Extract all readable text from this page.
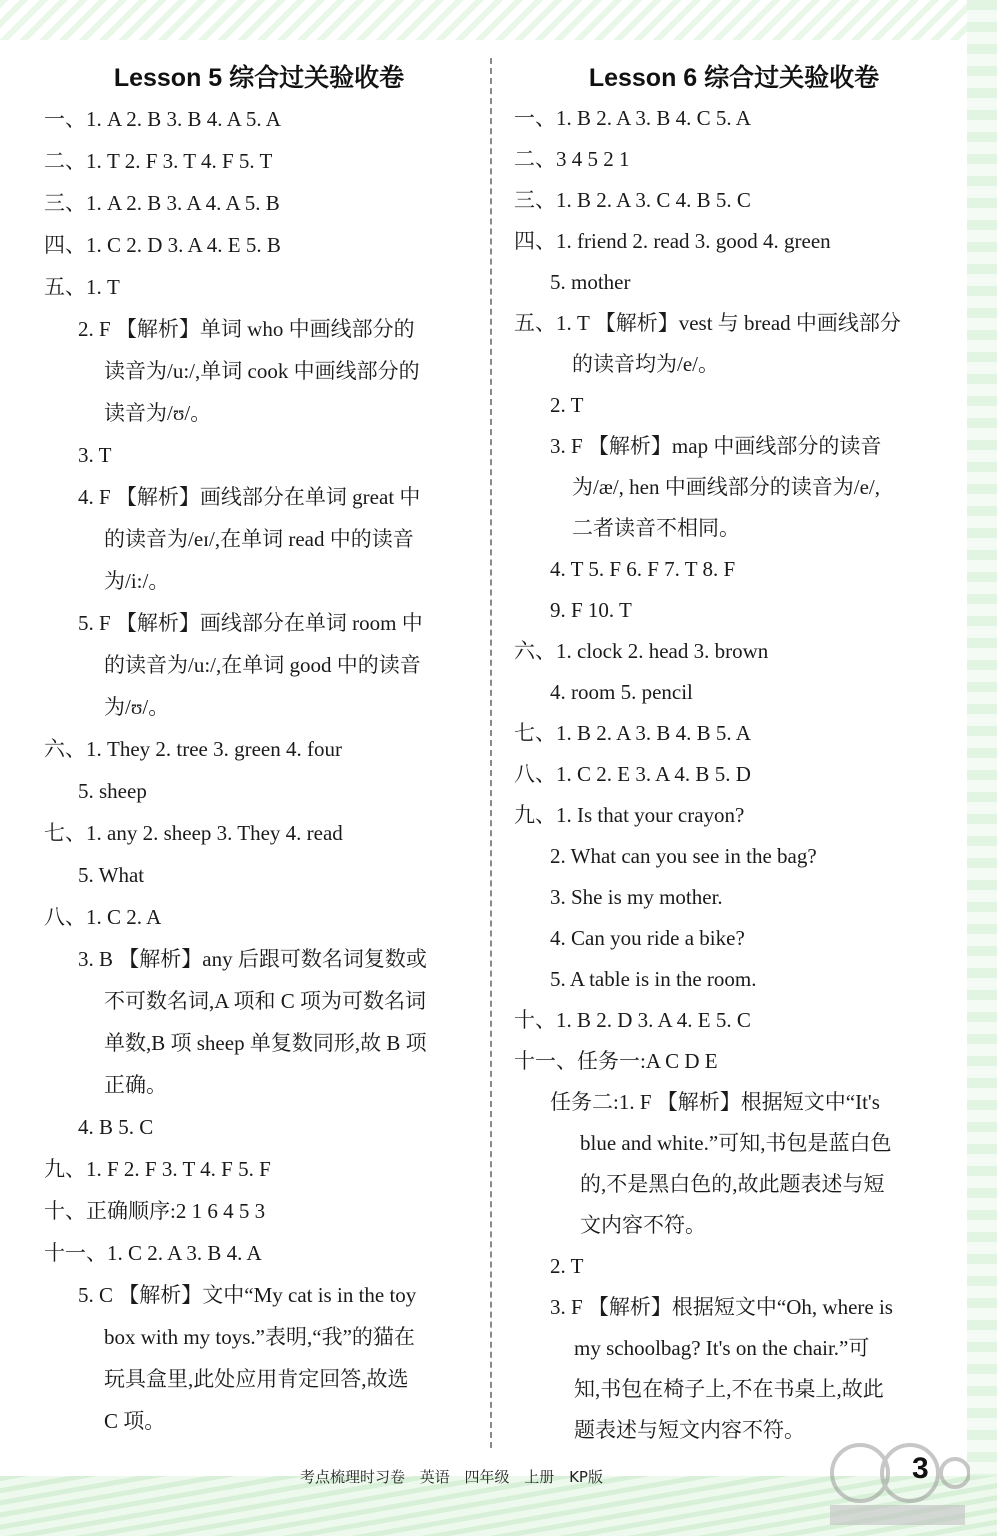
Lesson 5 综合过关验收卷
一、1. A 2. B 3. B 4. A 5. A
二、1. T 2. F 3. T 4. F 5. T
三、1. A 2. B 3. A 4. A 5. B
四、1. C 2. D 3. A 4. E 5. B
五、1. T
2. F 【解析】单词 who 中画线部分的
读音为/u:/,单词 cook 中画线部分的
读音为/ʊ/。
3. T
4. F 【解析】画线部分在单词 great 中
的读音为/eɪ/,在单词 read 中的读音
为/i:/。
5. F 【解析】画线部分在单词 room 中
的读音为/u:/,在单词 good 中的读音
为/ʊ/。
六、1. They 2. tree 3. green 4. four
5. sheep
七、1. any 2. sheep 3. They 4. read
5. What
八、1. C 2. A
3. B 【解析】any 后跟可数名词复数或
不可数名词,A 项和 C 项为可数名词
单数,B 项 sheep 单复数同形,故 B 项
正确。
4. B 5. C
九、1. F 2. F 3. T 4. F 5. F
十、正确顺序:2 1 6 4 5 3
十一、1. C 2. A 3. B 4. A
5. C 【解析】文中“My cat is in the toy
box with my toys.”表明,“我”的猫在
玩具盒里,此处应用肯定回答,故选
C 项。
Lesson 6 综合过关验收卷
一、1. B 2. A 3. B 4. C 5. A
二、3 4 5 2 1
三、1. B 2. A 3. C 4. B 5. C
四、1. friend 2. read 3. good 4. green
5. mother
五、1. T 【解析】vest 与 bread 中画线部分
的读音均为/e/。
2. T
3. F 【解析】map 中画线部分的读音
为/æ/, hen 中画线部分的读音为/e/,
二者读音不相同。
4. T 5. F 6. F 7. T 8. F
9. F 10. T
六、1. clock 2. head 3. brown
4. room 5. pencil
七、1. B 2. A 3. B 4. B 5. A
八、1. C 2. E 3. A 4. B 5. D
九、1. Is that your crayon?
2. What can you see in the bag?
3. She is my mother.
4. Can you ride a bike?
5. A table is in the room.
十、1. B 2. D 3. A 4. E 5. C
十一、任务一:A C D E
任务二:1. F 【解析】根据短文中“It's
blue and white.”可知,书包是蓝白色
的,不是黑白色的,故此题表述与短
文内容不符。
2. T
3. F 【解析】根据短文中“Oh, where is
my schoolbag? It's on the chair.”可
知,书包在椅子上,不在书桌上,故此
题表述与短文内容不符。
考点梳理时习卷 英语 四年级 上册 KP版	3
